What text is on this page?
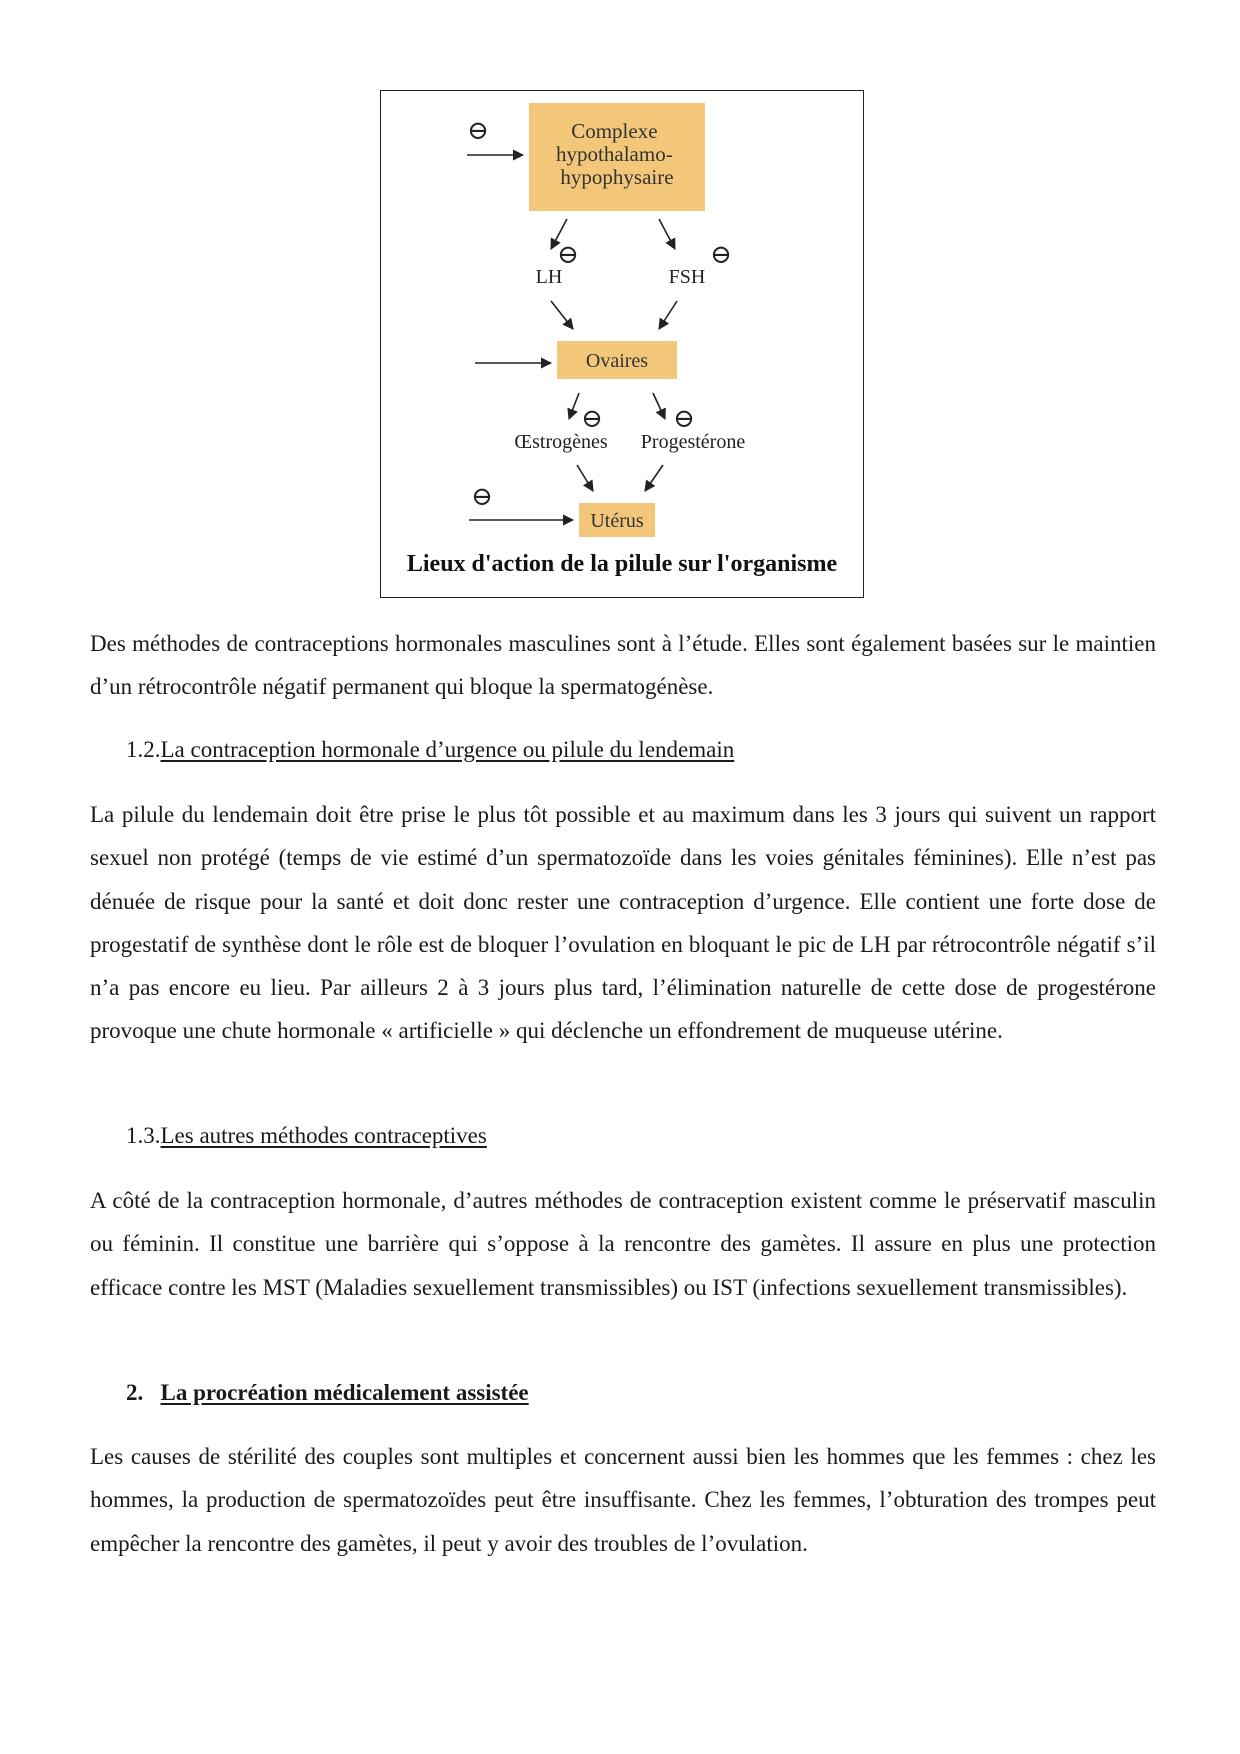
Complexe hypothalamo- hypophysaire
⊖
⊖	⊖
LH	FSH
Ovaires
⊖	⊖
Œstrogènes Progestérone
Utérus
⊖
Lieux d'action de la pilule sur l'organisme

Des méthodes de contraceptions hormonales masculines sont à l’étude. Elles sont également basées sur le maintien d’un rétrocontrôle négatif permanent qui bloque la spermatogénèse.

1.2.La contraception hormonale d’urgence ou pilule du lendemain

La pilule du lendemain doit être prise le plus tôt possible et au maximum dans les 3 jours qui suivent un rapport sexuel non protégé (temps de vie estimé d’un spermatozoïde dans les voies génitales féminines). Elle n’est pas dénuée de risque pour la santé et doit donc rester une contraception d’urgence. Elle contient une forte dose de progestatif de synthèse dont le rôle est de bloquer l’ovulation en bloquant le pic de LH par rétrocontrôle négatif s’il n’a pas encore eu lieu. Par ailleurs 2 à 3 jours plus tard, l’élimination naturelle de cette dose de progestérone provoque une chute hormonale « artificielle » qui déclenche un effondrement de muqueuse utérine.

1.3.Les autres méthodes contraceptives

A côté de la contraception hormonale, d’autres méthodes de contraception existent comme le préservatif masculin ou féminin. Il constitue une barrière qui s’oppose à la rencontre des gamètes. Il assure en plus une protection efficace contre les MST (Maladies sexuellement transmissibles) ou IST (infections sexuellement transmissibles).

2. La procréation médicalement assistée

Les causes de stérilité des couples sont multiples et concernent aussi bien les hommes que les femmes : chez les hommes, la production de spermatozoïdes peut être insuffisante. Chez les femmes, l’obturation des trompes peut empêcher la rencontre des gamètes, il peut y avoir des troubles de l’ovulation.
